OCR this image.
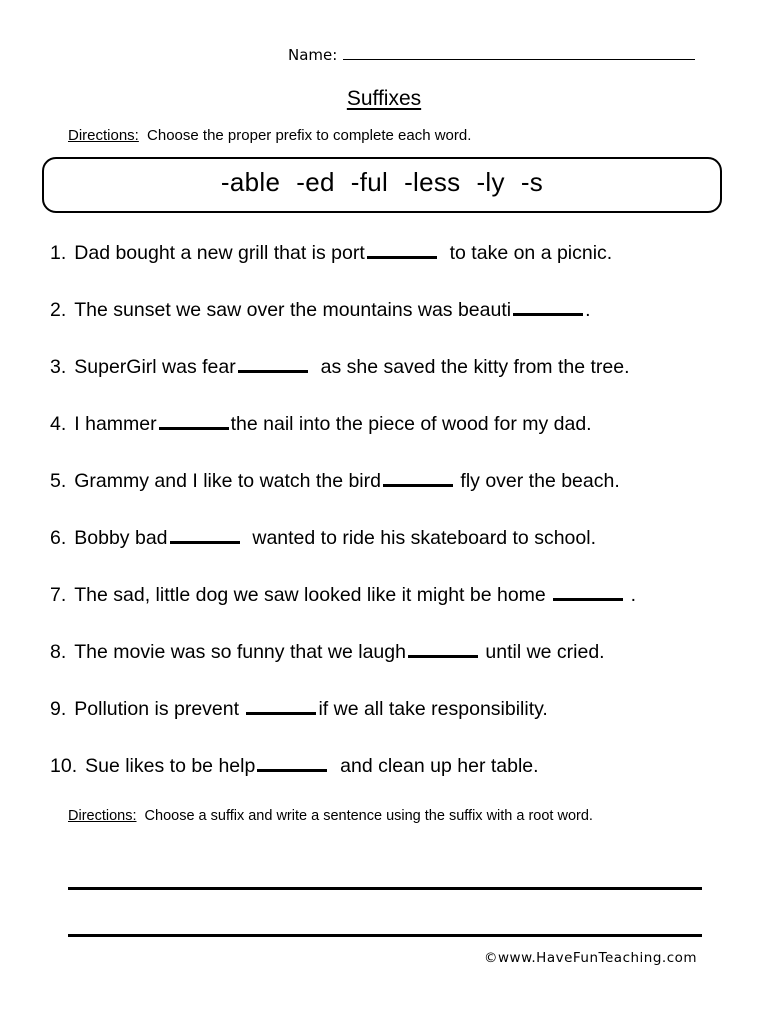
Name:
Suffixes
Directions: Choose the proper prefix to complete each word.
-able -ed -ful -less -ly -s
1. Dad bought a new grill that is port	to take on a picnic.
2. The sunset we saw over the mountains was beauti	.
3. SuperGirl was fear	as she saved the kitty from the tree.
4. I hammer	the nail into the piece of wood for my dad.
5. Grammy and I like to watch the bird	fly over the beach.
6. Bobby bad	wanted to ride his skateboard to school.
7. The sad, little dog we saw looked like it might be home	.
8. The movie was so funny that we laugh	until we cried.
9. Pollution is prevent	if we all take responsibility.
10. Sue likes to be help	and clean up her table.
Directions: Choose a suffix and write a sentence using the suffix with a root word.
©www.HaveFunTeaching.com
